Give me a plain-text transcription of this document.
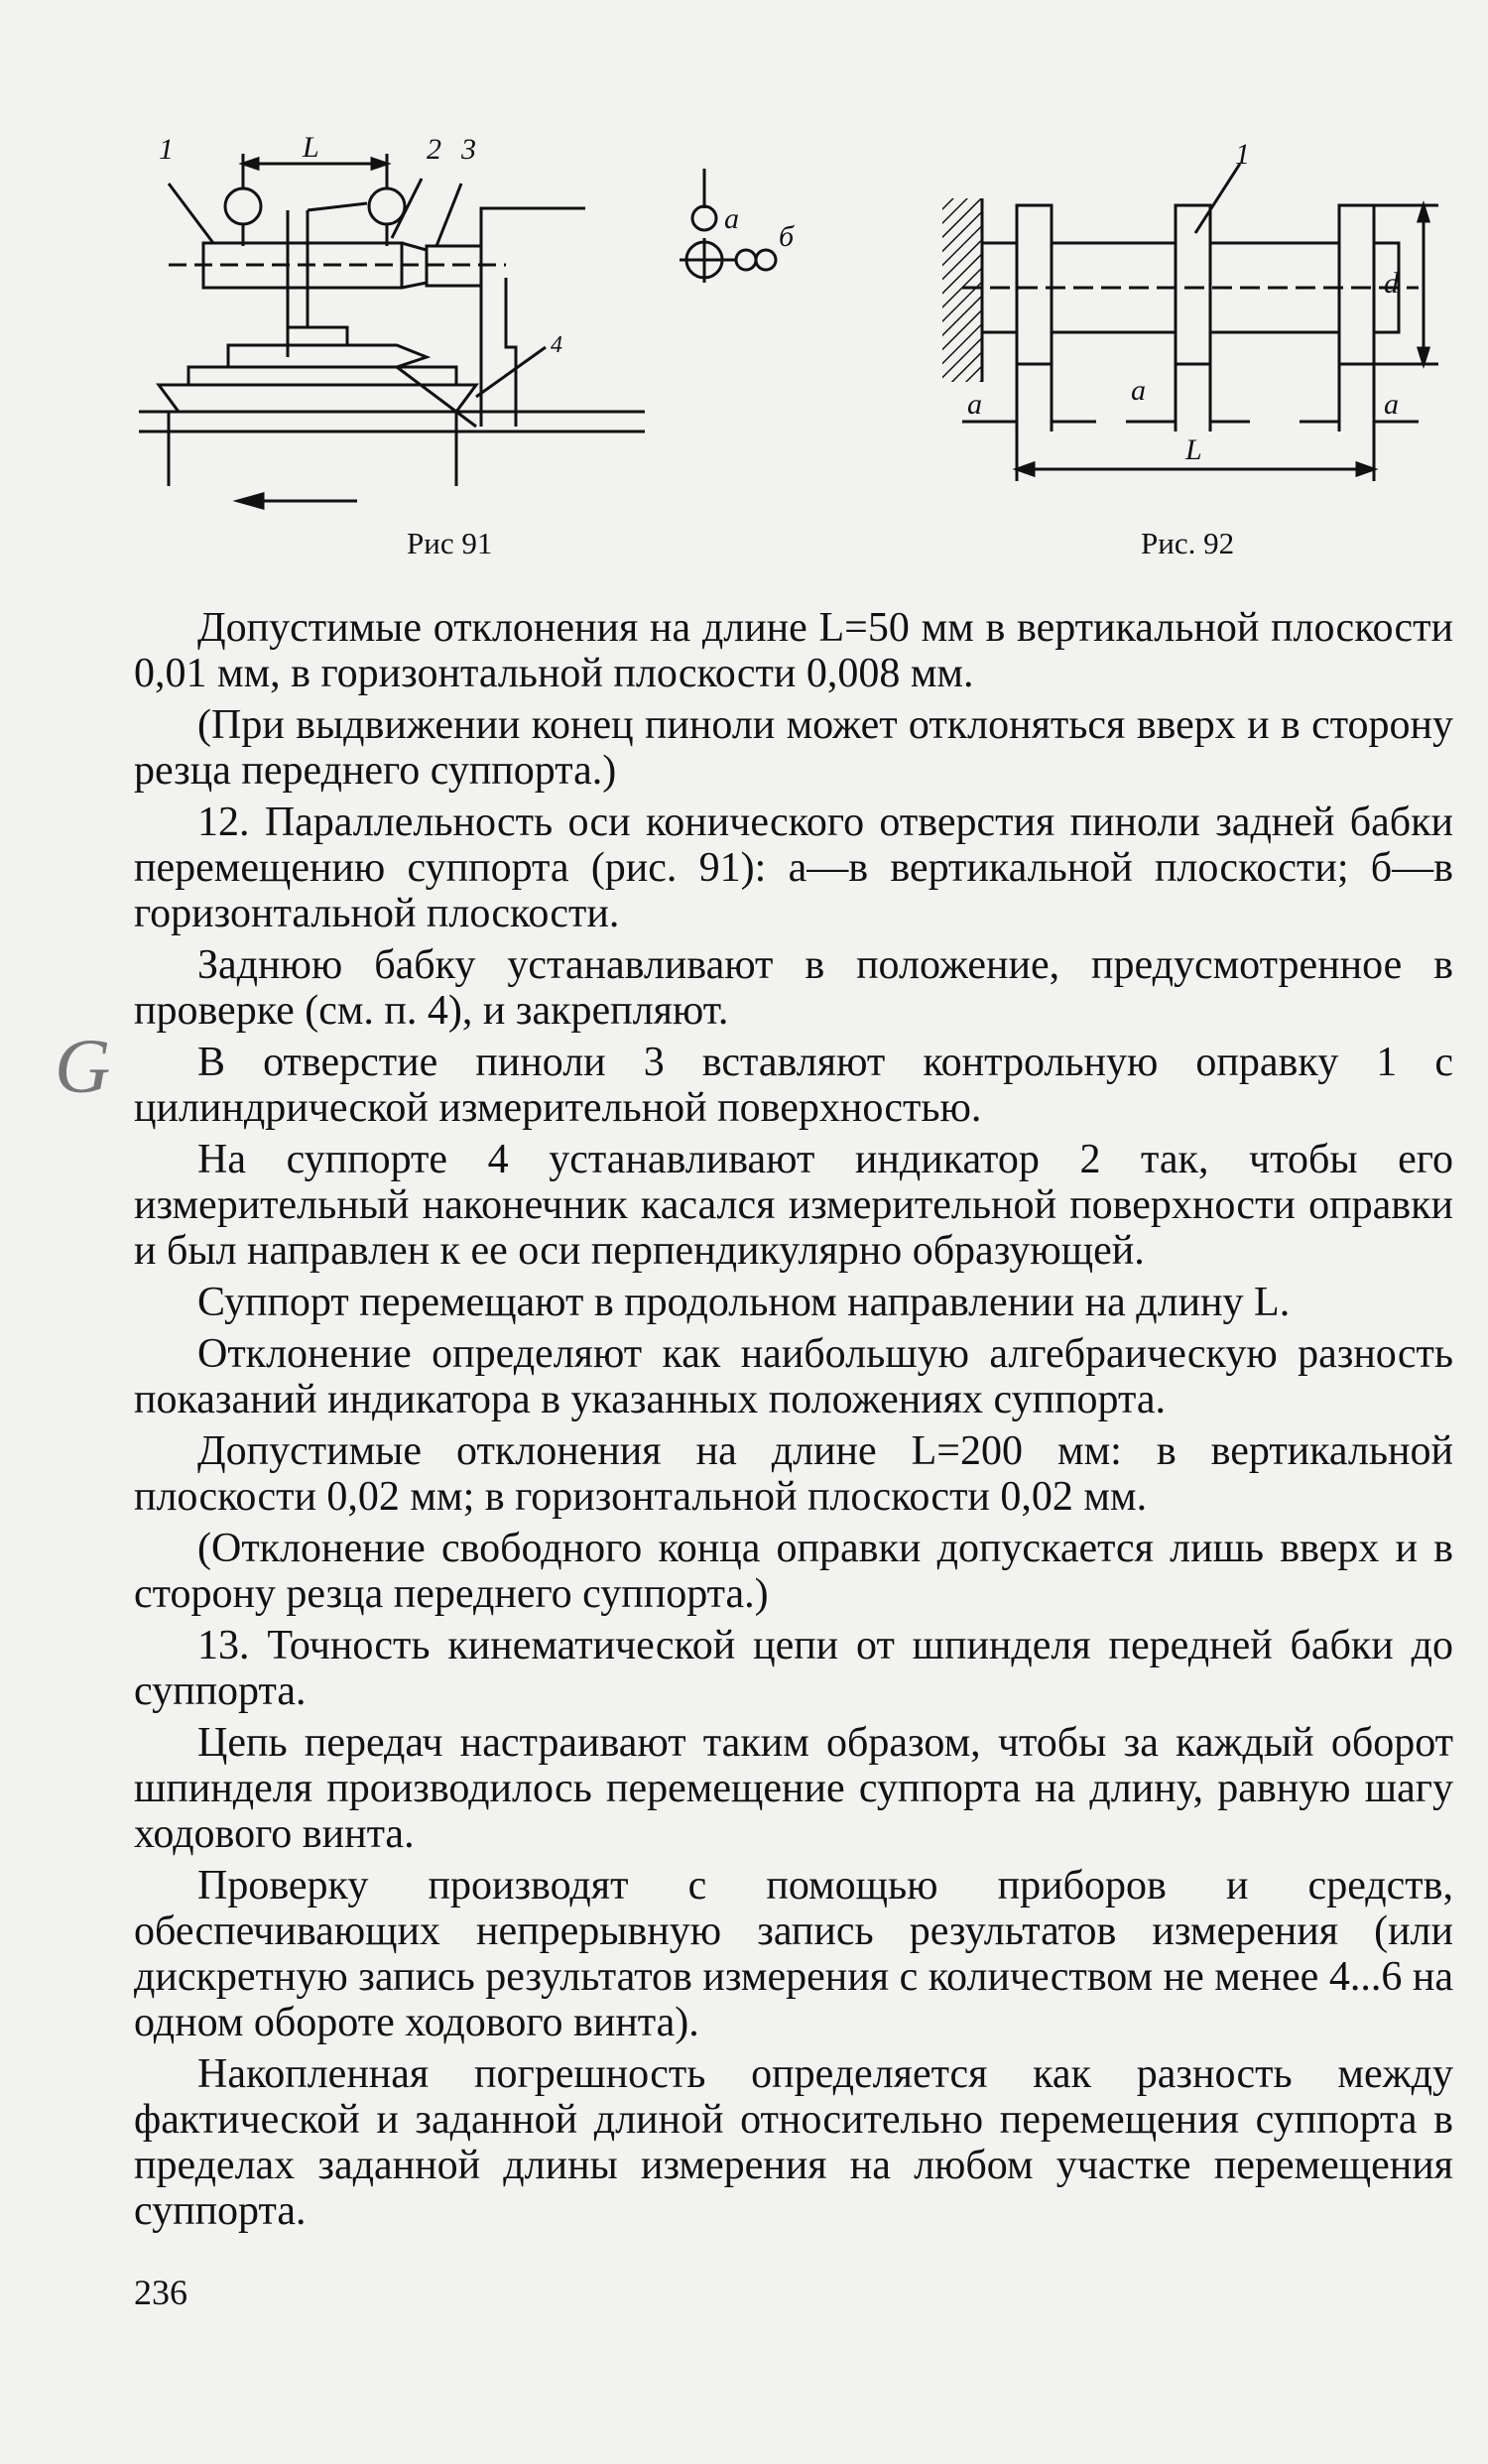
1	L	2 3
4
a
б
1
d
a	a	a
L
Рис 91	Рис. 92

Допустимые отклонения на длине L=50 мм в вертикальной плоскости 0,01 мм, в горизонтальной плоскости 0,008 мм.

(При выдвижении конец пиноли может отклоняться вверх и в сторону резца переднего суппорта.)

12. Параллельность оси конического отверстия пиноли задней бабки перемещению суппорта (рис. 91): а—в вертикальной плоскости; б—в горизонтальной плоскости.

Заднюю бабку устанавливают в положение, предусмотренное в проверке (см. п. 4), и закрепляют.

В отверстие пиноли 3 вставляют контрольную оправку 1 с цилиндрической измерительной поверхностью.

На суппорте 4 устанавливают индикатор 2 так, чтобы его измерительный наконечник касался измерительной поверхности оправки и был направлен к ее оси перпендикулярно образующей.

Суппорт перемещают в продольном направлении на длину L.

Отклонение определяют как наибольшую алгебраическую разность показаний индикатора в указанных положениях суппорта.

Допустимые отклонения на длине L=200 мм: в вертикальной плоскости 0,02 мм; в горизонтальной плоскости 0,02 мм.

(Отклонение свободного конца оправки допускается лишь вверх и в сторону резца переднего суппорта.)

13. Точность кинематической цепи от шпинделя передней бабки до суппорта.

Цепь передач настраивают таким образом, чтобы за каждый оборот шпинделя производилось перемещение суппорта на длину, равную шагу ходового винта.

Проверку производят с помощью приборов и средств, обеспечивающих непрерывную запись результатов измерения (или дискретную запись результатов измерения с количеством не менее 4...6 на одном обороте ходового винта).

Накопленная погрешность определяется как разность между фактической и заданной длиной относительно перемещения суппорта в пределах заданной длины измерения на любом участке перемещения суппорта.

G
236
